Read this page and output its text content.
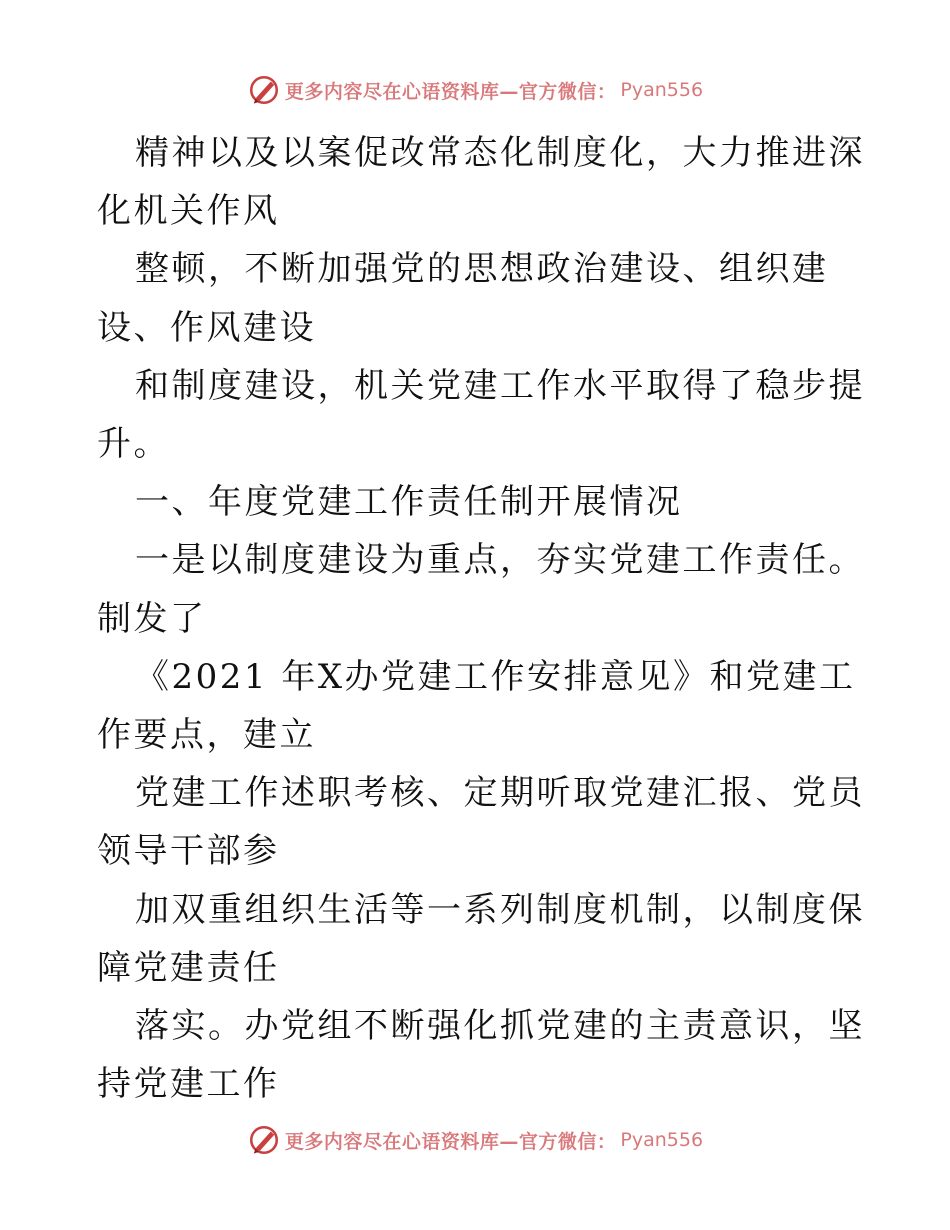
更多内容尽在心语资料库—官方微信： Pyan556

精神以及以案促改常态化制度化，大力推进深化机关作风

整顿，不断加强党的思想政治建设、组织建设、作风建设

和制度建设，机关党建工作水平取得了稳步提升。

一、年度党建工作责任制开展情况

一是以制度建设为重点，夯实党建工作责任。制发了

《2021 年X办党建工作安排意见》和党建工作要点，建立

党建工作述职考核、定期听取党建汇报、党员领导干部参

加双重组织生活等一系列制度机制，以制度保障党建责任

落实。办党组不断强化抓党建的主责意识，坚持党建工作

更多内容尽在心语资料库—官方微信： Pyan556
